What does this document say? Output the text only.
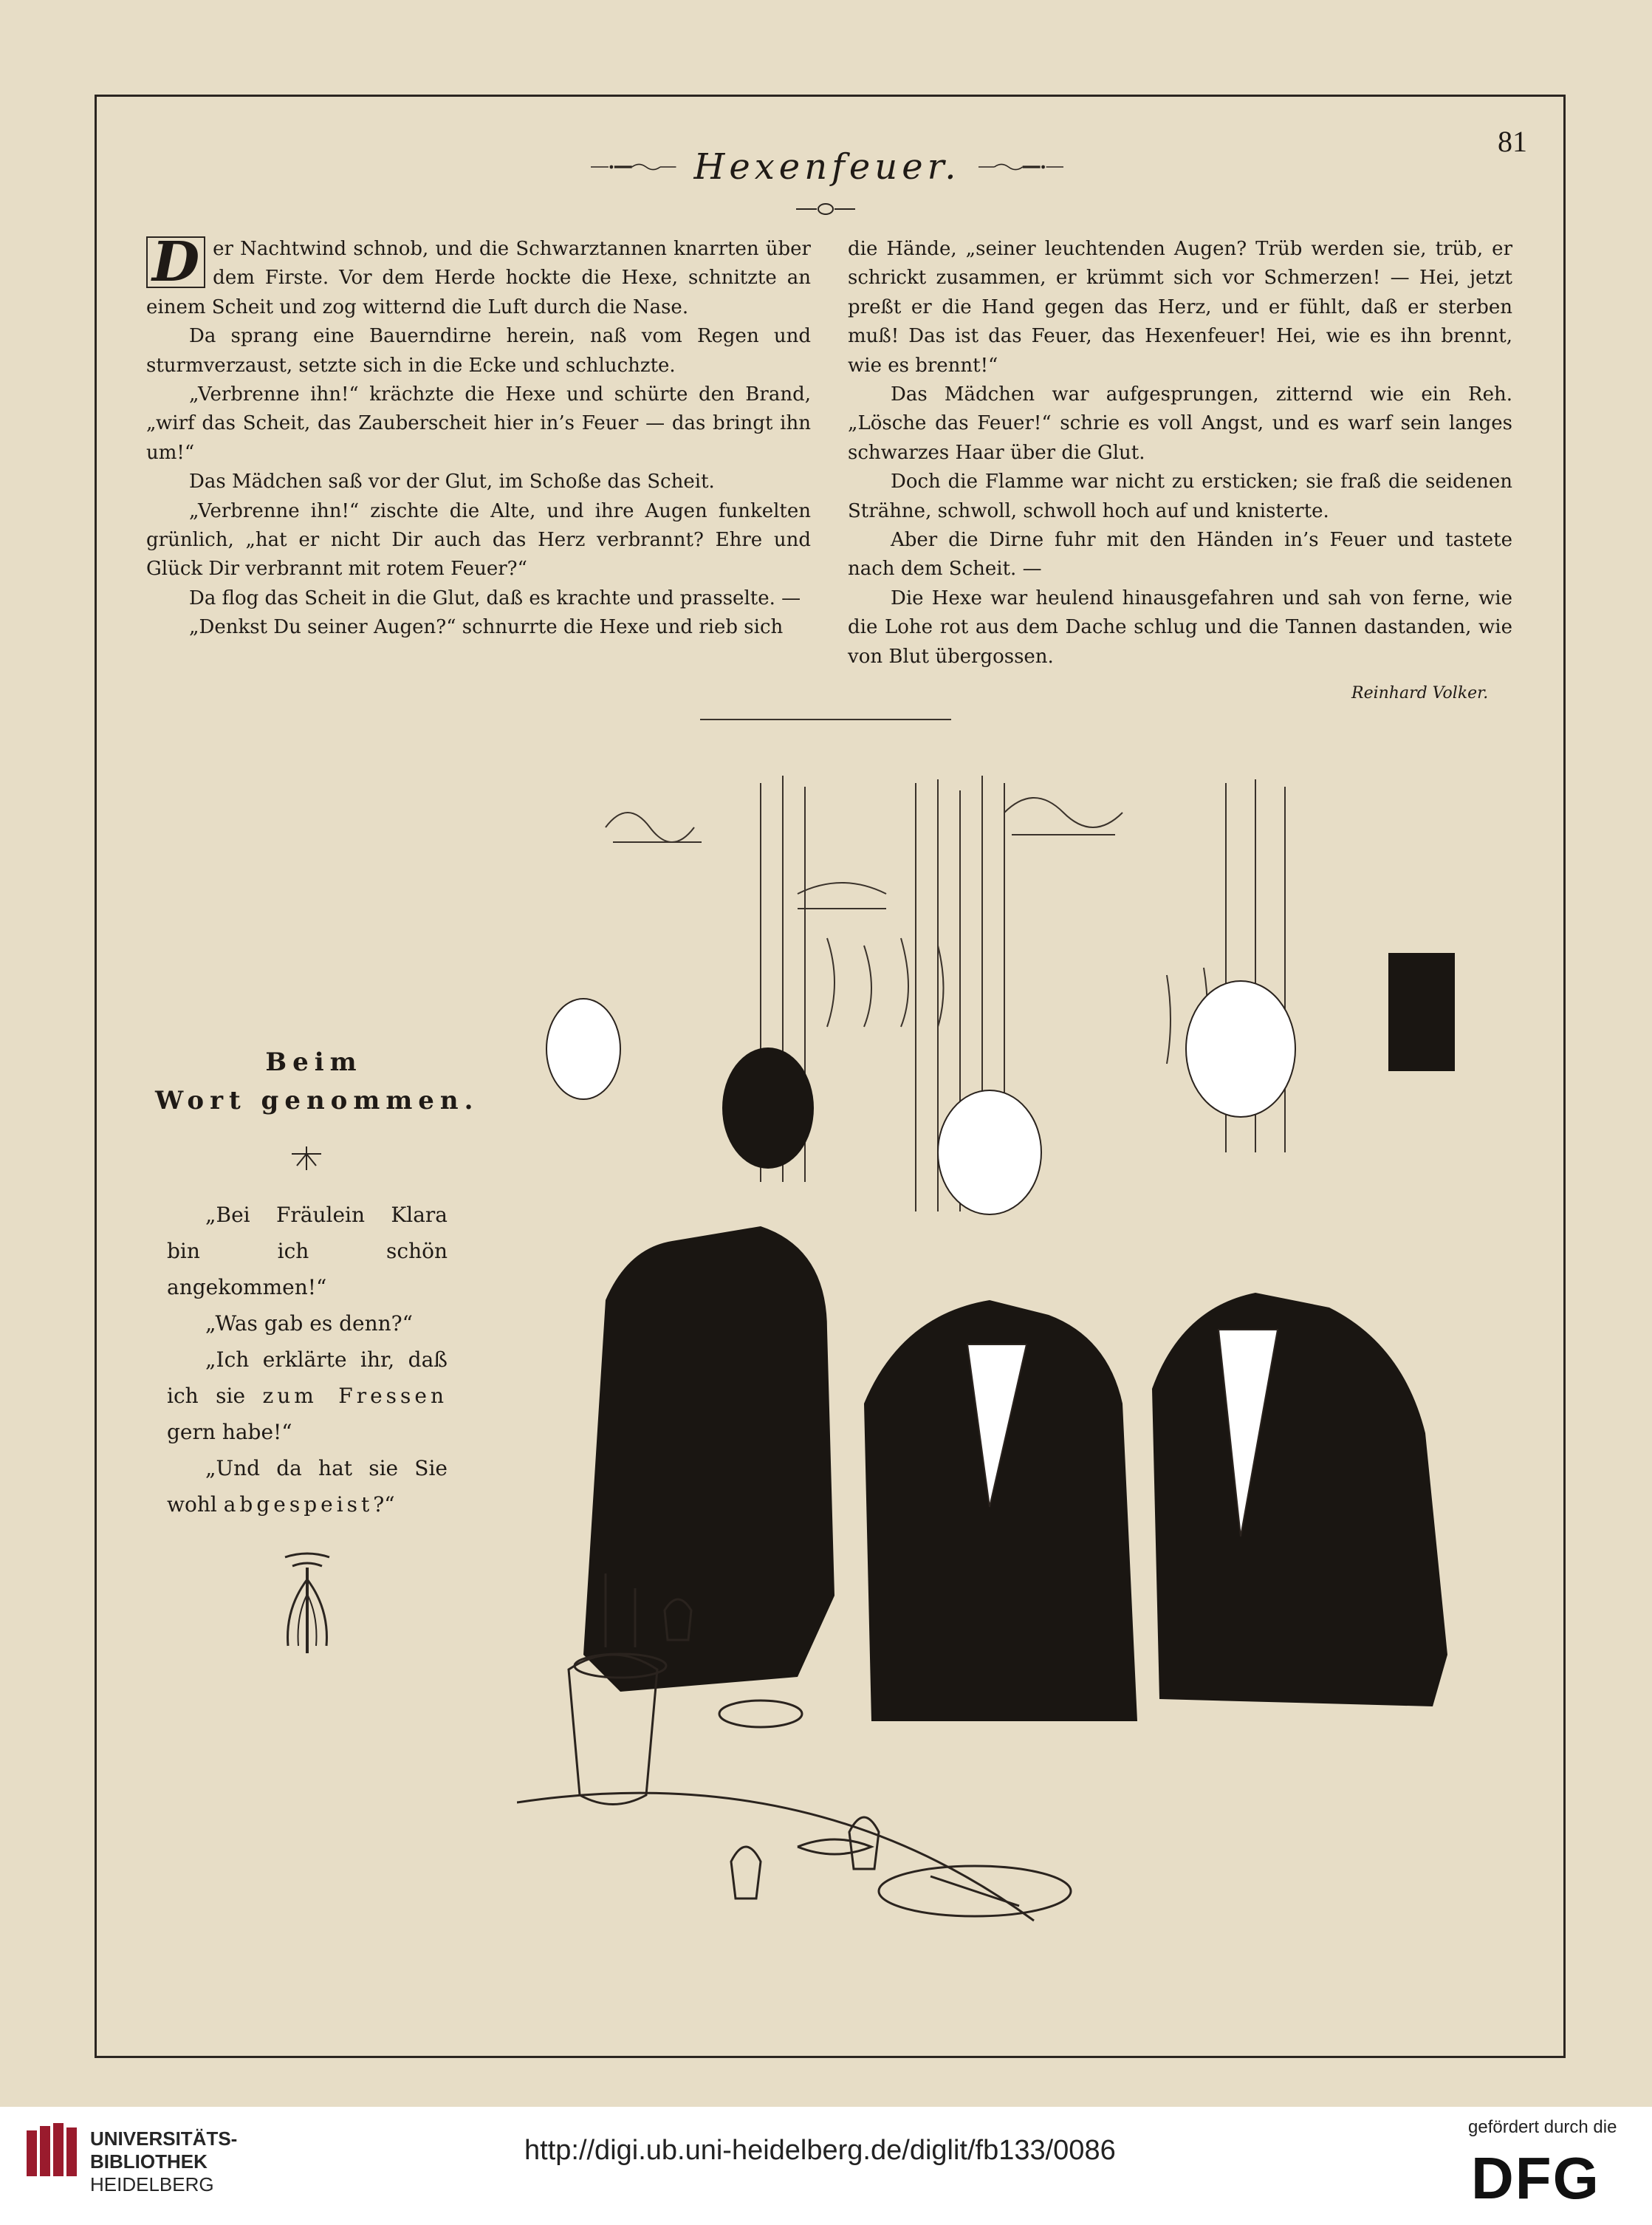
81
Hexenfeuer.
D er Nachtwind schnob, und die Schwarztannen knarrten über dem Firste. Vor dem Herde hockte die Hexe, schnitzte an einem Scheit und zog witternd die Luft durch die Nase.

Da sprang eine Bauerndirne herein, naß vom Regen und sturmverzaust, setzte sich in die Ecke und schluchzte.

„Verbrenne ihn!“ krächzte die Hexe und schürte den Brand, „wirf das Scheit, das Zauberscheit hier in’s Feuer — das bringt ihn um!“

Das Mädchen saß vor der Glut, im Schoße das Scheit.

„Verbrenne ihn!“ zischte die Alte, und ihre Augen funkelten grünlich, „hat er nicht Dir auch das Herz verbrannt? Ehre und Glück Dir verbrannt mit rotem Feuer?“

Da flog das Scheit in die Glut, daß es krachte und prasselte. —

„Denkst Du seiner Augen?“ schnurrte die Hexe und rieb sich

die Hände, „seiner leuchtenden Augen? Trüb werden sie, trüb, er schrickt zusammen, er krümmt sich vor Schmerzen! — Hei, jetzt preßt er die Hand gegen das Herz, und er fühlt, daß er sterben muß! Das ist das Feuer, das Hexenfeuer! Hei, wie es ihn brennt, wie es brennt!“

Das Mädchen war aufgesprungen, zitternd wie ein Reh. „Lösche das Feuer!“ schrie es voll Angst, und es warf sein langes schwarzes Haar über die Glut.

Doch die Flamme war nicht zu ersticken; sie fraß die seidenen Strähne, schwoll, schwoll hoch auf und knisterte.

Aber die Dirne fuhr mit den Händen in’s Feuer und tastete nach dem Scheit. —

Die Hexe war heulend hinausgefahren und sah von ferne, wie die Lohe rot aus dem Dache schlug und die Tannen dastanden, wie von Blut übergossen.

Reinhard Volker.
Beim
Wort genommen.

„Bei Fräulein Klara bin ich schön angekommen!“

„Was gab es denn?“

„Ich erklärte ihr, daß ich sie zum Fressen gern habe!“

„Und da hat sie Sie wohl abgespeist?“

UNIVERSITÄTS-
BIBLIOTHEK
HEIDELBERG
http://digi.ub.uni-heidelberg.de/diglit/fb133/0086
gefördert durch die
DFG
